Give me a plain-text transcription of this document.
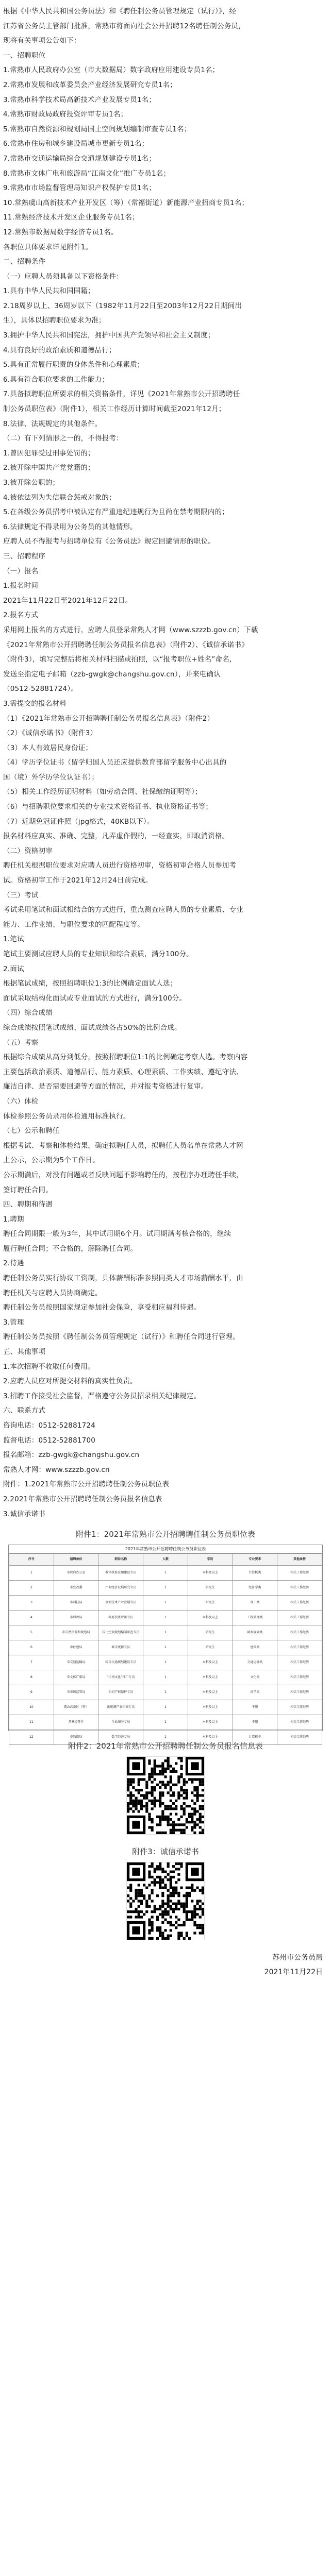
根据《中华人民共和国公务员法》和《聘任制公务员管理规定（试行）》，经

江苏省公务员主管部门批准，常熟市将面向社会公开招聘12名聘任制公务员，

现将有关事项公告如下：

一、招聘职位

1.常熟市人民政府办公室（市大数据局）数字政府应用建设专员1名；

2.常熟市发展和改革委员会产业经济发展研究专员1名；

3.常熟市科学技术局高新技术产业发展专员1名；

4.常熟市财政局政府投资评审专员1名；

5.常熟市自然资源和规划局国土空间规划编制审查专员1名；

6.常熟市住房和城乡建设局城市更新专员1名；

7.常熟市交通运输局综合交通规划建设专员1名；

8.常熟市文体广电和旅游局“江南文化”推广专员1名；

9.常熟市市场监督管理局知识产权保护专员1名；

10.常熟虞山高新技术产业开发区（筹）（常福街道）新能源产业招商专员1名；

11.常熟经济技术开发区企业服务专员1名；

12.常熟市数据局数字经济专员1名。

各职位具体要求详见附件1。

二、招聘条件

（一）应聘人员须具备以下资格条件：

1.具有中华人民共和国国籍；

2.18周岁以上、36周岁以下（1982年11月22日至2003年12月22日期间出

生），具体以招聘职位要求为准；

3.拥护中华人民共和国宪法，拥护中国共产党领导和社会主义制度；

4.具有良好的政治素质和道德品行；

5.具有正常履行职责的身体条件和心理素质；

6.具有符合职位要求的工作能力；

7.具备拟聘职位所要求的相关资格条件，详见《2021年常熟市公开招聘聘任

制公务员职位表》（附件1），相关工作经历计算时间截至2021年12月；

8.法律、法规规定的其他条件。

（二）有下列情形之一的，不得报考：

1.曾因犯罪受过刑事处罚的；

2.被开除中国共产党党籍的；

3.被开除公职的；

4.被依法列为失信联合惩戒对象的；

5.在各级公务员招考中被认定有严重违纪违规行为且尚在禁考期限内的；

6.法律规定不得录用为公务员的其他情形。

应聘人员不得报考与招聘单位有《公务员法》规定回避情形的职位。

三、招聘程序

（一）报名

1.报名时间

2021年11月22日至2021年12月22日。

2.报名方式

采用网上报名的方式进行，应聘人员登录常熟人才网（www.szzzb.gov.cn）下载

《2021年常熟市公开招聘聘任制公务员报名信息表》（附件2）、《诚信承诺书》

（附件3），填写完整后将相关材料扫描或拍照，以“报考职位+姓名”命名，

发送至指定电子邮箱（zzb-gwgk@changshu.gov.cn），并来电确认

（0512-52881724）。

3.需提交的报名材料

（1）《2021年常熟市公开招聘聘任制公务员报名信息表》（附件2）

（2）《诚信承诺书》（附件3）

（3）本人有效居民身份证；

（4）学历学位证书（留学归国人员还应提供教育部留学服务中心出具的

国（境）外学历学位认证书）；

（5）相关工作经历证明材料（如劳动合同、社保缴纳证明等）；

（6）与招聘职位要求相关的专业技术资格证书、执业资格证书等；

（7）近期免冠证件照（jpg格式，40KB以下）。

报名材料应真实、准确、完整，凡弄虚作假的，一经查实，即取消资格。

（二）资格初审

聘任机关根据职位要求对应聘人员进行资格初审，资格初审合格人员参加考

试。资格初审工作于2021年12月24日前完成。

（三）考试

考试采用笔试和面试相结合的方式进行，重点测查应聘人员的专业素质、专业

能力、工作业绩、与职位要求的匹配程度等。

1.笔试

笔试主要测试应聘人员的专业知识和综合素质，满分100分。

2.面试

根据笔试成绩，按照招聘职位1:3的比例确定面试人选；

面试采取结构化面试或专业面试的方式进行，满分100分。

（四）综合成绩

综合成绩按照笔试成绩、面试成绩各占50%的比例合成。

（五）考察

根据综合成绩从高分到低分，按照招聘职位1:1的比例确定考察人选。考察内容

主要包括政治素质、道德品行、能力素质、心理素质、工作实绩、遵纪守法、

廉洁自律、是否需要回避等方面的情况，并对报考资格进行复审。

（六）体检

体检参照公务员录用体检通用标准执行。

（七）公示和聘任

根据考试、考察和体检结果，确定拟聘任人员，拟聘任人员名单在常熟人才网

上公示，公示期为5个工作日。

公示期满后，对没有问题或者反映问题不影响聘任的，按程序办理聘任手续，

签订聘任合同。

四、聘期和待遇

1.聘期

聘任合同期限一般为3年，其中试用期6个月。试用期满考核合格的，继续

履行聘任合同；不合格的，解除聘任合同。

2.待遇

聘任制公务员实行协议工资制，具体薪酬标准参照同类人才市场薪酬水平，由

聘任机关与应聘人员协商确定。

聘任制公务员按照国家规定参加社会保险，享受相应福利待遇。

3.管理

聘任制公务员按照《聘任制公务员管理规定（试行）》和聘任合同进行管理。

五、其他事项

1.本次招聘不收取任何费用。

2.应聘人员应对所提交材料的真实性负责。

3.招聘工作接受社会监督，严格遵守公务员招录相关纪律规定。

六、联系方式

咨询电话：0512-52881724

监督电话：0512-52881700

报名邮箱：zzb-gwgk@changshu.gov.cn

常熟人才网：www.szzzb.gov.cn

附件：1.2021年常熟市公开招聘聘任制公务员职位表

2.2021年常熟市公开招聘聘任制公务员报名信息表

3.诚信承诺书

附件1：2021年常熟市公开招聘聘任制公务员职位表
2021年常熟市公开招聘聘任制公务员职位表
序号	招聘单位	职位名称	人数	学历	专业要求	其他条件
1	市政府办公室	数字政府应用建设专员	1	本科及以上	计算机类	相关工作经历
2	市发改委	产业经济发展研究专员	1	研究生	经济学类	相关工作经历
3	市科技局	高新技术产业发展专员	1	研究生	理工类	相关工作经历
4	市财政局	政府投资评审专员	1	本科及以上	工程管理类	相关工作经历
5	市自然资源和规划局	国土空间规划编制审查专员	1	研究生	城乡规划类	相关工作经历
6	市住建局	城市更新专员	1	研究生	建筑类	相关工作经历
7	市交通运输局	综合交通规划建设专员	1	本科及以上	交通运输类	相关工作经历
8	市文体广旅局	“江南文化”推广专员	1	本科及以上	文化类	相关工作经历
9	市市场监管局	知识产权保护专员	1	本科及以上	法学类	相关工作经历
10	虞山高新区（筹）	新能源产业招商专员	1	本科及以上	不限	相关工作经历
11	常熟经开区	企业服务专员	1	本科及以上	不限	相关工作经历
12	市数据局	数字经济专员	1	本科及以上	计算机类	相关工作经历
附件2：2021年常熟市公开招聘聘任制公务员报名信息表
附件3：诚信承诺书
苏州市公务员局
2021年11月22日
